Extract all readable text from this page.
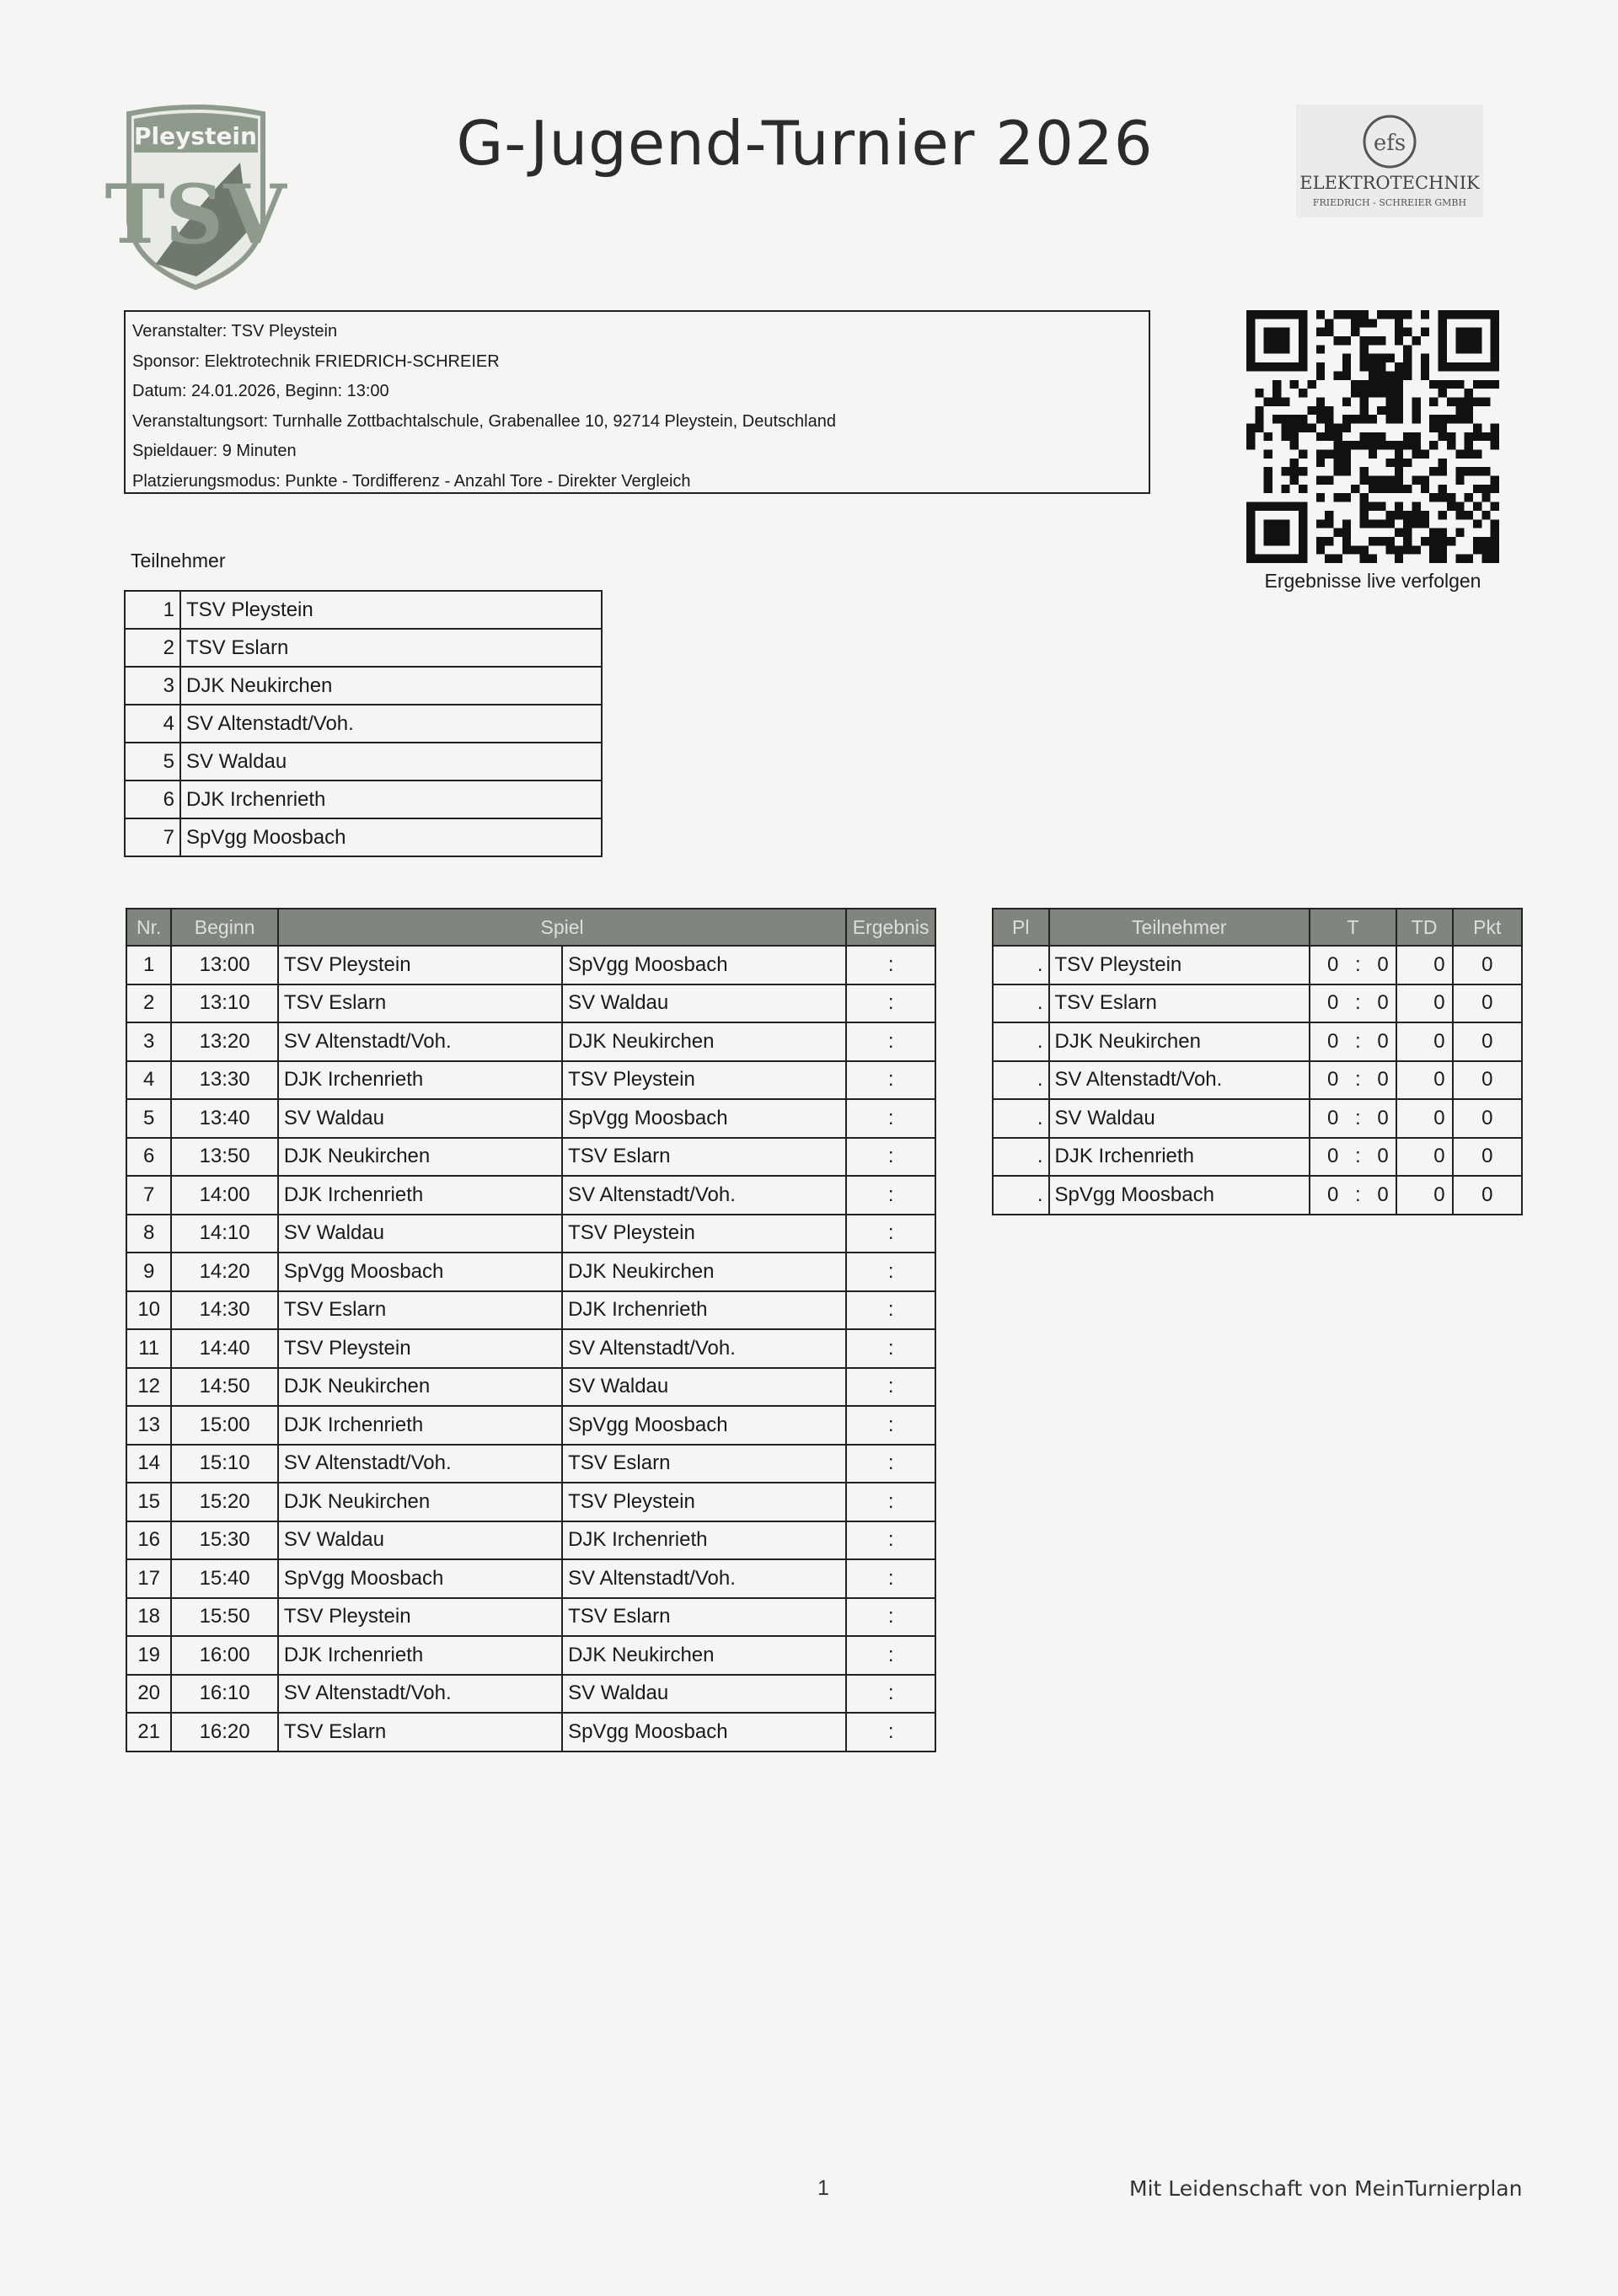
Pleystein
TSV
G-Jugend-Turnier 2026	efs
ELEKTROTECHNIK
FRIEDRICH - SCHREIER GMBH
Veranstalter: TSV Pleystein
Sponsor: Elektrotechnik FRIEDRICH-SCHREIER
Datum: 24.01.2026, Beginn: 13:00
Veranstaltungsort: Turnhalle Zottbachtalschule, Grabenallee 10, 92714 Pleystein, Deutschland
Spieldauer: 9 Minuten
Platzierungsmodus: Punkte - Tordifferenz - Anzahl Tore - Direkter Vergleich
Ergebnisse live verfolgen
Teilnehmer
1	TSV Pleystein
2	TSV Eslarn
3	DJK Neukirchen
4	SV Altenstadt/Voh.
5	SV Waldau
6	DJK Irchenrieth
7	SpVgg Moosbach
Nr.	Beginn	Spiel		Ergebnis
1	13:00	TSV Pleystein	SpVgg Moosbach	:
2	13:10	TSV Eslarn	SV Waldau	:
3	13:20	SV Altenstadt/Voh.	DJK Neukirchen	:
4	13:30	DJK Irchenrieth	TSV Pleystein	:
5	13:40	SV Waldau	SpVgg Moosbach	:
6	13:50	DJK Neukirchen	TSV Eslarn	:
7	14:00	DJK Irchenrieth	SV Altenstadt/Voh.	:
8	14:10	SV Waldau	TSV Pleystein	:
9	14:20	SpVgg Moosbach	DJK Neukirchen	:
10	14:30	TSV Eslarn	DJK Irchenrieth	:
11	14:40	TSV Pleystein	SV Altenstadt/Voh.	:
12	14:50	DJK Neukirchen	SV Waldau	:
13	15:00	DJK Irchenrieth	SpVgg Moosbach	:
14	15:10	SV Altenstadt/Voh.	TSV Eslarn	:
15	15:20	DJK Neukirchen	TSV Pleystein	:
16	15:30	SV Waldau	DJK Irchenrieth	:
17	15:40	SpVgg Moosbach	SV Altenstadt/Voh.	:
18	15:50	TSV Pleystein	TSV Eslarn	:
19	16:00	DJK Irchenrieth	DJK Neukirchen	:
20	16:10	SV Altenstadt/Voh.	SV Waldau	:
21	16:20	TSV Eslarn	SpVgg Moosbach	:
Pl	Teilnehmer	T	TD	Pkt
.	TSV Pleystein	0 : 0	0	0
.	TSV Eslarn	0 : 0	0	0
.	DJK Neukirchen	0 : 0	0	0
.	SV Altenstadt/Voh.	0 : 0	0	0
.	SV Waldau	0 : 0	0	0
.	DJK Irchenrieth	0 : 0	0	0
.	SpVgg Moosbach	0 : 0	0	0
1	Mit Leidenschaft von MeinTurnierplan
